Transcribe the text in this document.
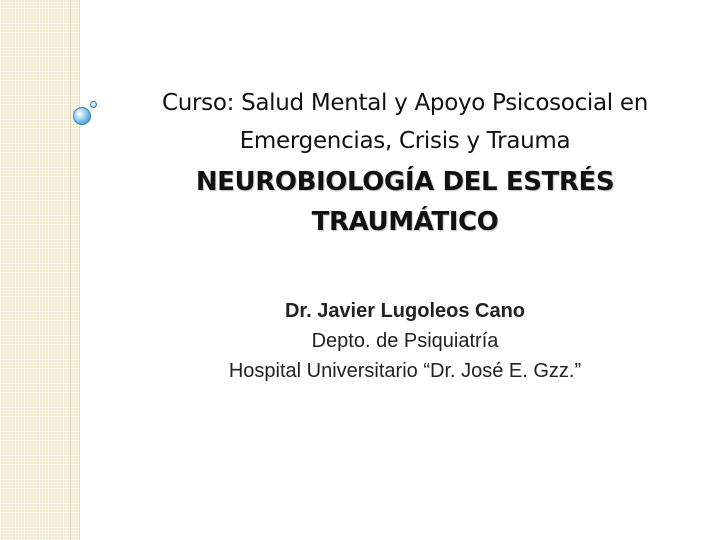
Curso: Salud Mental y Apoyo Psicosocial en
Emergencias, Crisis y Trauma
NEUROBIOLOGÍA DEL ESTRÉS
TRAUMÁTICO
Dr. Javier Lugoleos Cano
Depto. de Psiquiatría
Hospital Universitario “Dr. José E. Gzz.”
